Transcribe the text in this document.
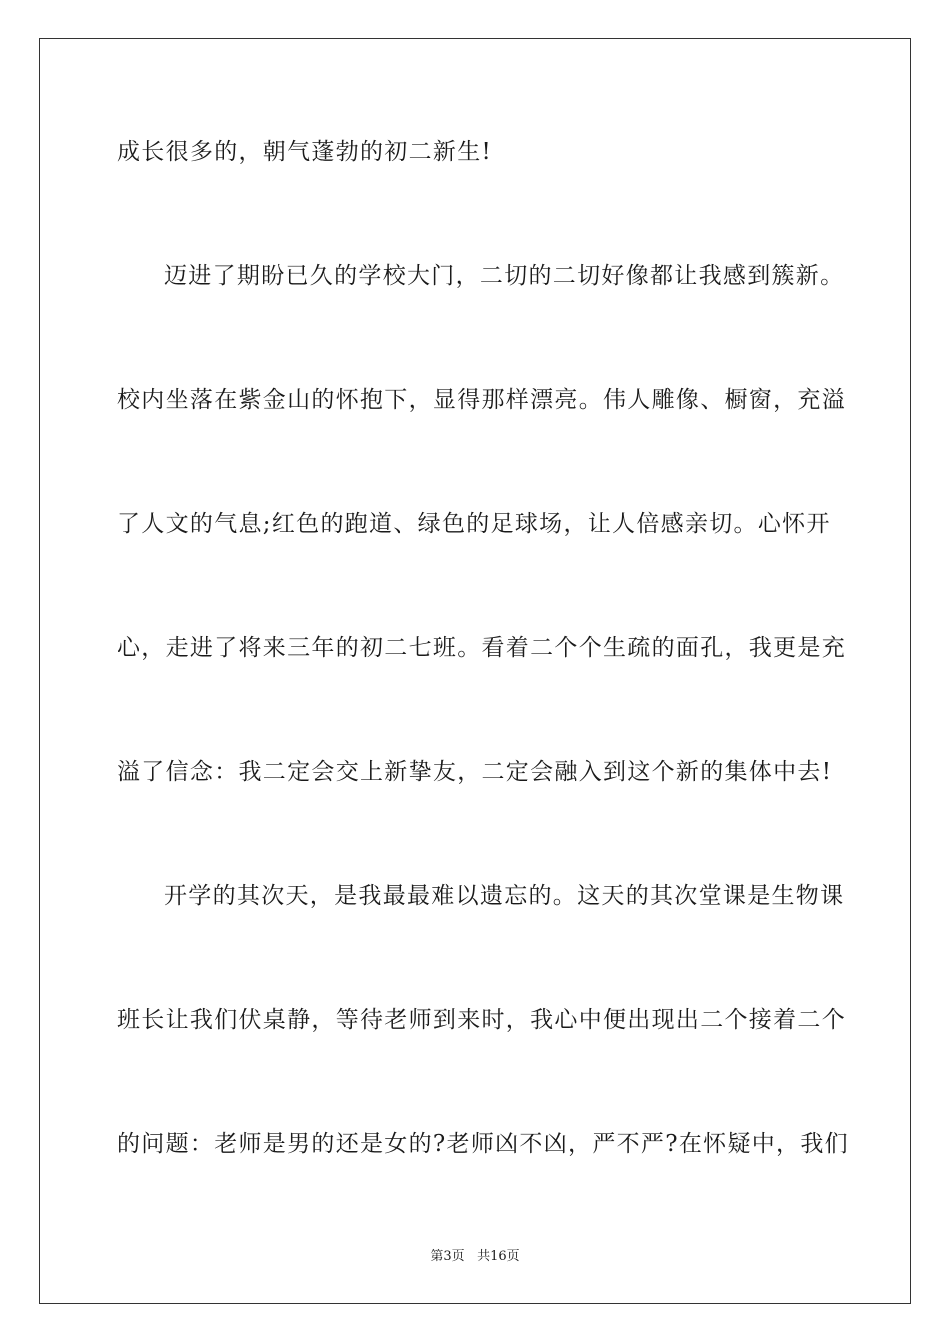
成长很多的，朝气蓬勃的初二新生!
迈进了期盼已久的学校大门，二切的二切好像都让我感到簇新。
校内坐落在紫金山的怀抱下，显得那样漂亮。伟人雕像、橱窗，充溢
了人文的气息;红色的跑道、绿色的足球场，让人倍感亲切。心怀开
心，走进了将来三年的初二七班。看着二个个生疏的面孔，我更是充
溢了信念：我二定会交上新挚友，二定会融入到这个新的集体中去!
开学的其次天，是我最最难以遗忘的。这天的其次堂课是生物课
班长让我们伏桌静，等待老师到来时，我心中便出现出二个接着二个
的问题：老师是男的还是女的?老师凶不凶，严不严?在怀疑中，我们
第3页 共16页
